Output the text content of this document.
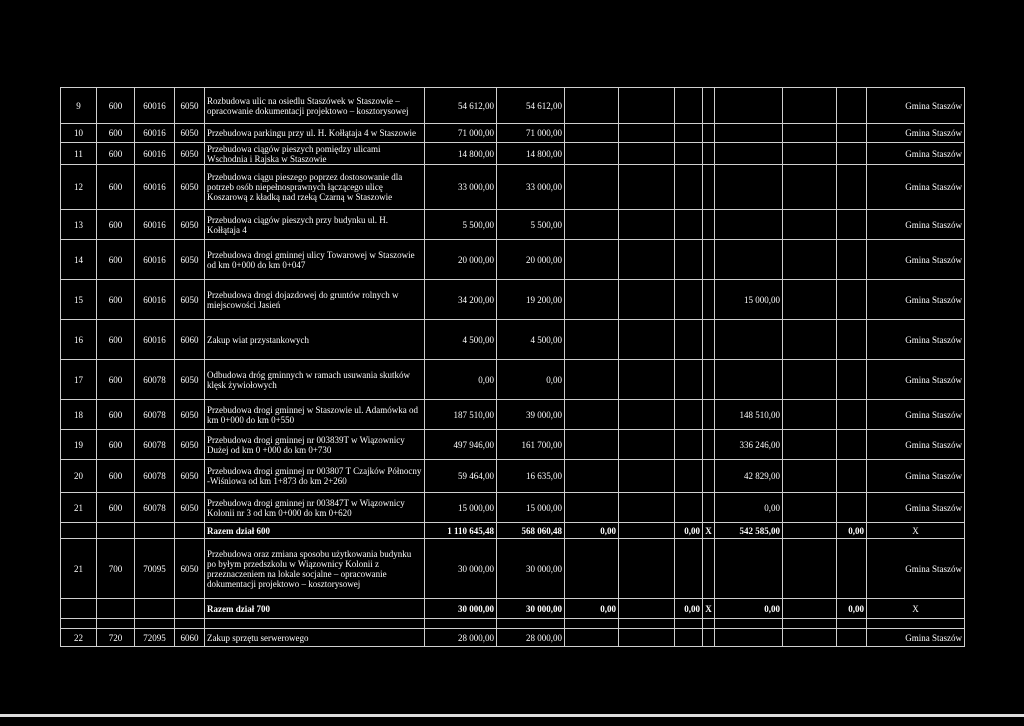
9	600	60016	6050	Rozbudowa ulic na osiedlu Staszówek w Staszowie – opracowanie dokumentacji projektowo – kosztorysowej	54 612,00	54 612,00								Gmina Staszów
10	600	60016	6050	Przebudowa parkingu przy ul. H. Kołłątaja 4 w Staszowie	71 000,00	71 000,00								Gmina Staszów
11	600	60016	6050	Przebudowa ciągów pieszych pomiędzy ulicami Wschodnia i Rajska w Staszowie	14 800,00	14 800,00								Gmina Staszów
12	600	60016	6050	Przebudowa ciągu pieszego poprzez dostosowanie dla potrzeb osób niepełnosprawnych łączącego ulicę Koszarową z kładką nad rzeką Czarną w Staszowie	33 000,00	33 000,00								Gmina Staszów
13	600	60016	6050	Przebudowa ciągów pieszych przy budynku ul. H. Kołłątaja 4	5 500,00	5 500,00								Gmina Staszów
14	600	60016	6050	Przebudowa drogi gminnej ulicy Towarowej w Staszowie od km 0+000 do km 0+047	20 000,00	20 000,00								Gmina Staszów
15	600	60016	6050	Przebudowa drogi dojazdowej do gruntów rolnych w miejscowości Jasień	34 200,00	19 200,00					15 000,00			Gmina Staszów
16	600	60016	6060	Zakup wiat przystankowych	4 500,00	4 500,00								Gmina Staszów
17	600	60078	6050	Odbudowa dróg gminnych w ramach usuwania skutków klęsk żywiołowych	0,00	0,00								Gmina Staszów
18	600	60078	6050	Przebudowa drogi gminnej w Staszowie ul. Adamówka od km 0+000 do km 0+550	187 510,00	39 000,00					148 510,00			Gmina Staszów
19	600	60078	6050	Przebudowa drogi gminnej nr 003839T w Wiązownicy Dużej od km 0 +000 do km 0+730	497 946,00	161 700,00					336 246,00			Gmina Staszów
20	600	60078	6050	Przebudowa drogi gminnej nr 003807 T Czajków Północny -Wiśniowa od km 1+873 do km 2+260	59 464,00	16 635,00					42 829,00			Gmina Staszów
21	600	60078	6050	Przebudowa drogi gminnej nr 003847T w Wiązownicy Kolonii nr 3 od km 0+000 do km 0+620	15 000,00	15 000,00					0,00			Gmina Staszów
				Razem dział 600	1 110 645,48	568 060,48	0,00		0,00	X	542 585,00		0,00	X
21	700	70095	6050	Przebudowa oraz zmiana sposobu użytkowania budynku po byłym przedszkolu w Wiązownicy Kolonii z przeznaczeniem na lokale socjalne – opracowanie dokumentacji projektowo – kosztorysowej	30 000,00	30 000,00								Gmina Staszów
				Razem dział 700	30 000,00	30 000,00	0,00		0,00	X	0,00		0,00	X

22	720	72095	6060	Zakup sprzętu serwerowego	28 000,00	28 000,00								Gmina Staszów
